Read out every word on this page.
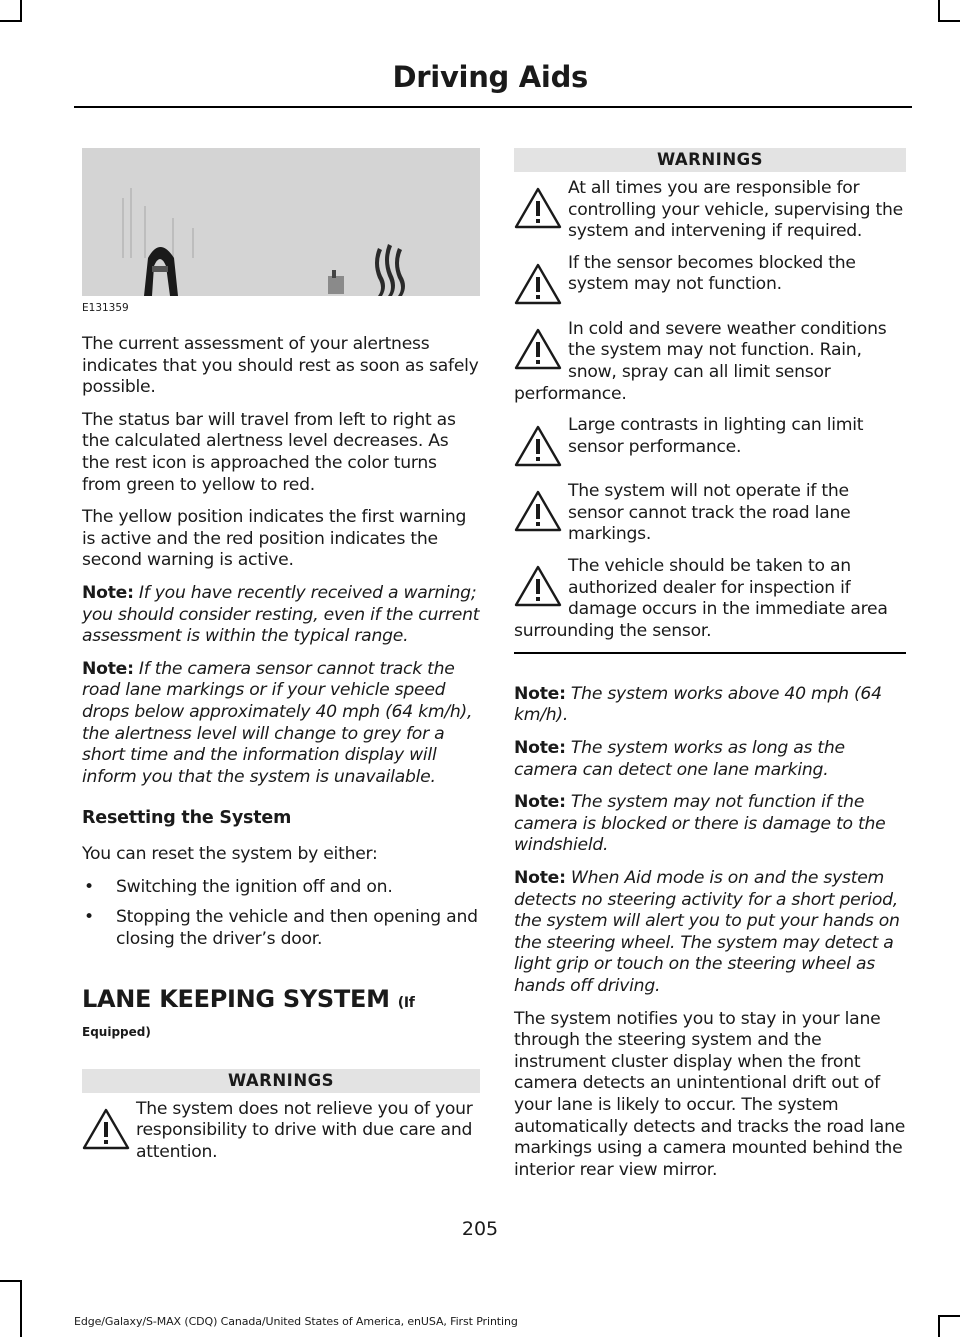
Driving Aids
E131359

The current assessment of your alertness indicates that you should rest as soon as safely possible.

The status bar will travel from left to right as the calculated alertness level decreases. As the rest icon is approached the color turns from green to yellow to red.

The yellow position indicates the first warning is active and the red position indicates the second warning is active.

Note: If you have recently received a warning; you should consider resting, even if the current assessment is within the typical range.

Note: If the camera sensor cannot track the road lane markings or if your vehicle speed drops below approximately 40 mph (64 km/h), the alertness level will change to grey for a short time and the information display will inform you that the system is unavailable.

Resetting the System

You can reset the system by either:

• Switching the ignition off and on.
• Stopping the vehicle and then opening and closing the driver’s door.
LANE KEEPING SYSTEM (If
Equipped)
WARNINGS
The system does not relieve you of your responsibility to drive with due care and attention.
WARNINGS
At all times you are responsible for controlling your vehicle, supervising the system and intervening if required.
If the sensor becomes blocked the system may not function.
In cold and severe weather conditions the system may not function. Rain, snow, spray can all limit sensor performance.
Large contrasts in lighting can limit sensor performance.
The system will not operate if the sensor cannot track the road lane markings.
The vehicle should be taken to an authorized dealer for inspection if damage occurs in the immediate area surrounding the sensor.

Note: The system works above 40 mph (64 km/h).

Note: The system works as long as the camera can detect one lane marking.

Note: The system may not function if the camera is blocked or there is damage to the windshield.

Note: When Aid mode is on and the system detects no steering activity for a short period, the system will alert you to put your hands on the steering wheel. The system may detect a light grip or touch on the steering wheel as hands off driving.

The system notifies you to stay in your lane through the steering system and the instrument cluster display when the front camera detects an unintentional drift out of your lane is likely to occur. The system automatically detects and tracks the road lane markings using a camera mounted behind the interior rear view mirror.

205
Edge/Galaxy/S-MAX (CDQ) Canada/United States of America, enUSA, First Printing
